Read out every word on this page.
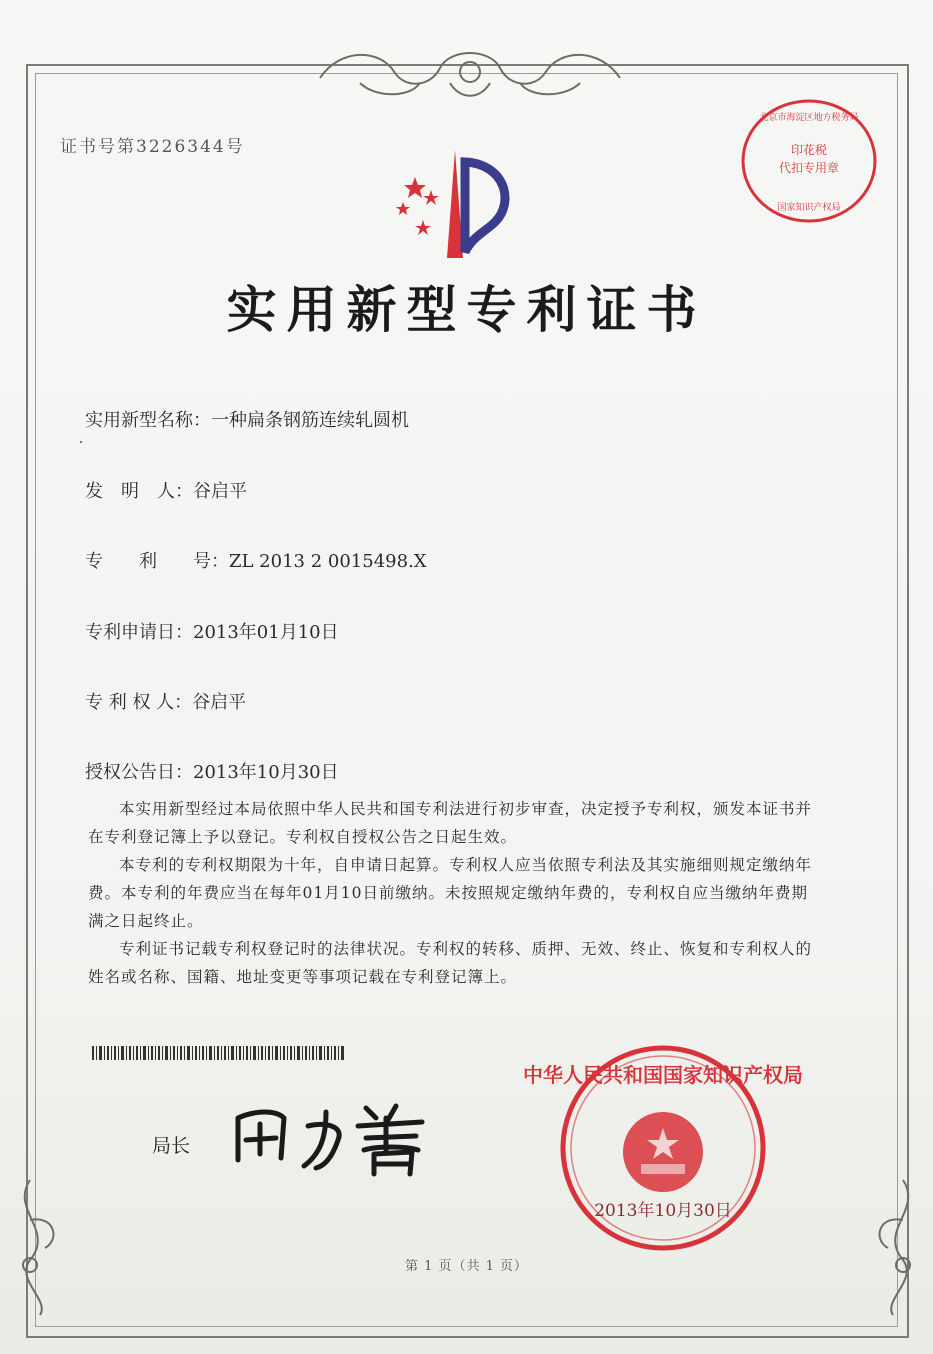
证书号第3226344号
实用新型专利证书
实用新型名称：一种扁条钢筋连续轧圆机
发　明　人：谷启平
专　　利　　号：ZL 2013 2 0015498.X
专利申请日：2013年01月10日
专 利 权 人：谷启平
授权公告日：2013年10月30日

本实用新型经过本局依照中华人民共和国专利法进行初步审查，决定授予专利权，颁发本证书并在专利登记簿上予以登记。专利权自授权公告之日起生效。

本专利的专利权期限为十年，自申请日起算。专利权人应当依照专利法及其实施细则规定缴纳年费。本专利的年费应当在每年01月10日前缴纳。未按照规定缴纳年费的，专利权自应当缴纳年费期满之日起终止。

专利证书记载专利权登记时的法律状况。专利权的转移、质押、无效、终止、恢复和专利权人的姓名或名称、国籍、地址变更等事项记载在专利登记簿上。

局长
中华人民共和国国家知识产权局
2013年10月30日
印花税
代扣专用章
北京市海淀区地方税务局
国家知识产权局
第 1 页（共 1 页）
